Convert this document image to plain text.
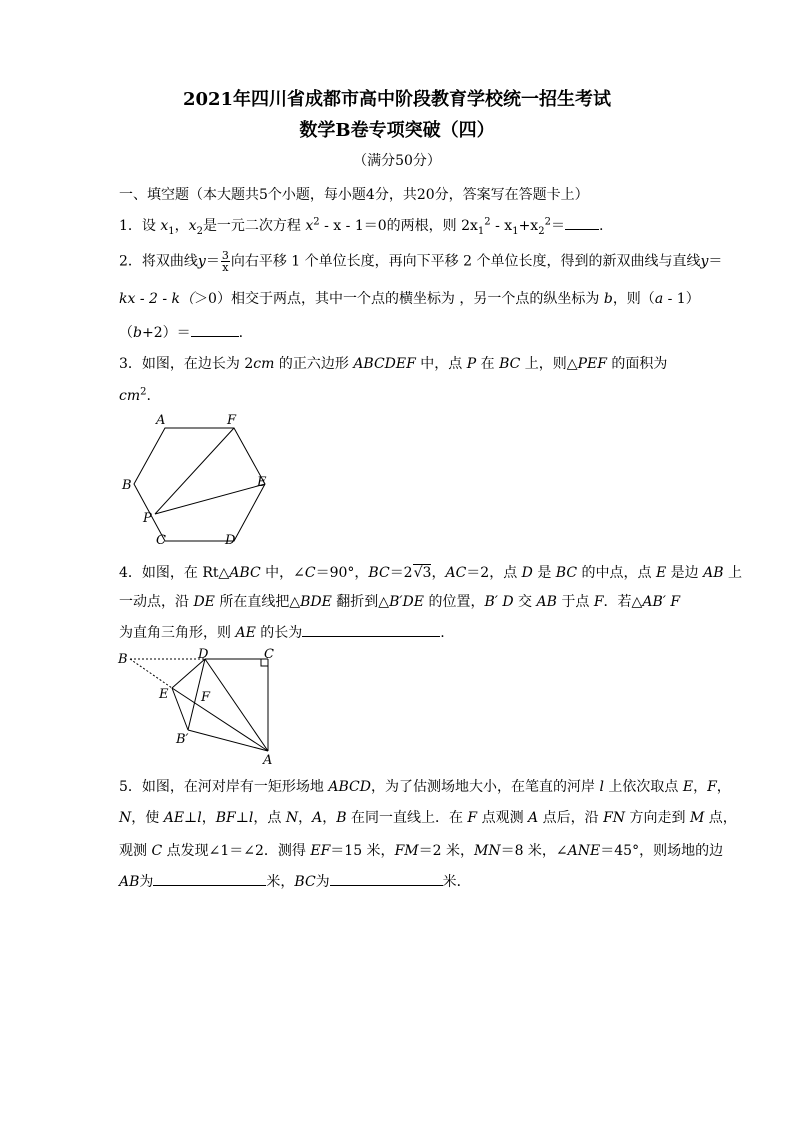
2021年四川省成都市高中阶段教育学校统一招生考试
数学B卷专项突破（四）
（满分50分）
一、填空题（本大题共5个小题，每小题4分，共20分，答案写在答题卡上）
1．设 $x_1$，$x_2$是一元二次方程 $x^2 - x - 1=0$的两根，则 $2x_1^2 - x_1+x_2^2=$ .
2．将双曲线$y= \frac{3}{x}$ 向右平移 1 个单位长度，再向下平移 2 个单位长度，得到的新双曲线与直线y＝
kx - 2 - k（＞0）相交于两点，其中一个点的横坐标为 ，另一个点的纵坐标为 b，则（a - 1）
（b+2）＝	.
3．如图，在边长为 2cm 的正六边形 ABCDEF 中，点 P 在 BC 上，则△PEF 的面积为
$cm^2$.
A	F
B	E
P
C	D
4．如图，在 Rt△ABC 中，∠C＝90°，BC＝2√3，AC＝2，点 D 是 BC 的中点，点 E 是边 AB 上
一动点，沿 DE 所在直线把△BDE 翻折到△B′DE 的位置，B′ D 交 AB 于点 F．若△AB′ F
为直角三角形，则 AE 的长为	.
B	D	C
E	F
B′
A
5．如图，在河对岸有一矩形场地 ABCD，为了估测场地大小，在笔直的河岸 l 上依次取点 E，F，
N，使 AE⊥l，BF⊥l，点 N，A，B 在同一直线上．在 F 点观测 A 点后，沿 FN 方向走到 M 点，
观测 C 点发现∠1＝∠2．测得 EF＝15 米，FM＝2 米，MN＝8 米，∠ANE＝45°，则场地的边
AB为	米，BC为	米．
